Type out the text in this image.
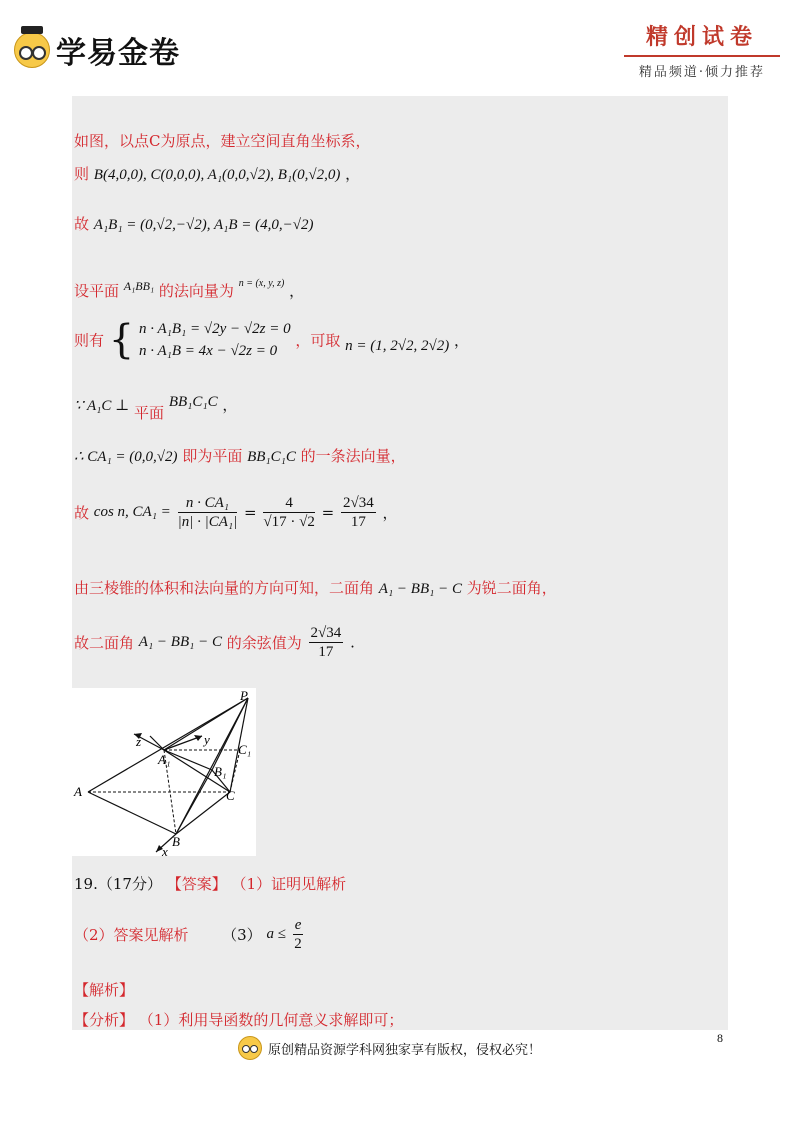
学易金卷	精创试卷
精品频道·倾力推荐
如图，以点C为原点，建立空间直角坐标系，
则 B(4,0,0), C(0,0,0), A₁(0,0,√2), B₁(0,√2,0) ，
故 A₁B₁ = (0,√2,−√2), A₁B = (4,0,−√2)
设平面 $^{A_1BB_1}$ 的法向量为 $^{n = (x, y, z)}$ ，
则有 { n · A₁B₁ = √2y − √2z = 0
n · A₁B = 4x − √2z = 0
，可取 n = (1, 2√2, 2√2) ，
∵ A₁C ⊥ 平面 BB₁C₁C ，
∴ CA₁ = (0,0,√2) 即为平面 BB₁C₁C 的一条法向量，
故 cos n, $CA_1 = \frac{\text{n · CA₁}}{\text{|n| · |CA₁|}} = \frac{4}{√17 \cdot √2} = \frac{2√34}{17}$ ，
由三棱锥的体积和法向量的方向可知，二面角 A₁ − BB₁ − C 为锐二面角，
故二面角 A₁ − BB₁ − C 的余弦值为 $\frac{2√34}{17}$ .
P
z	y
A₁
C₁
B₁
A	C
B
x
19.（17分） 【答案】 （1）证明见解析
（2）答案见解析 （3） $a \le \frac{e}{2}$
【解析】
【分析】 （1）利用导函数的几何意义求解即可；
8
原创精品资源学科网独家享有版权，侵权必究！
